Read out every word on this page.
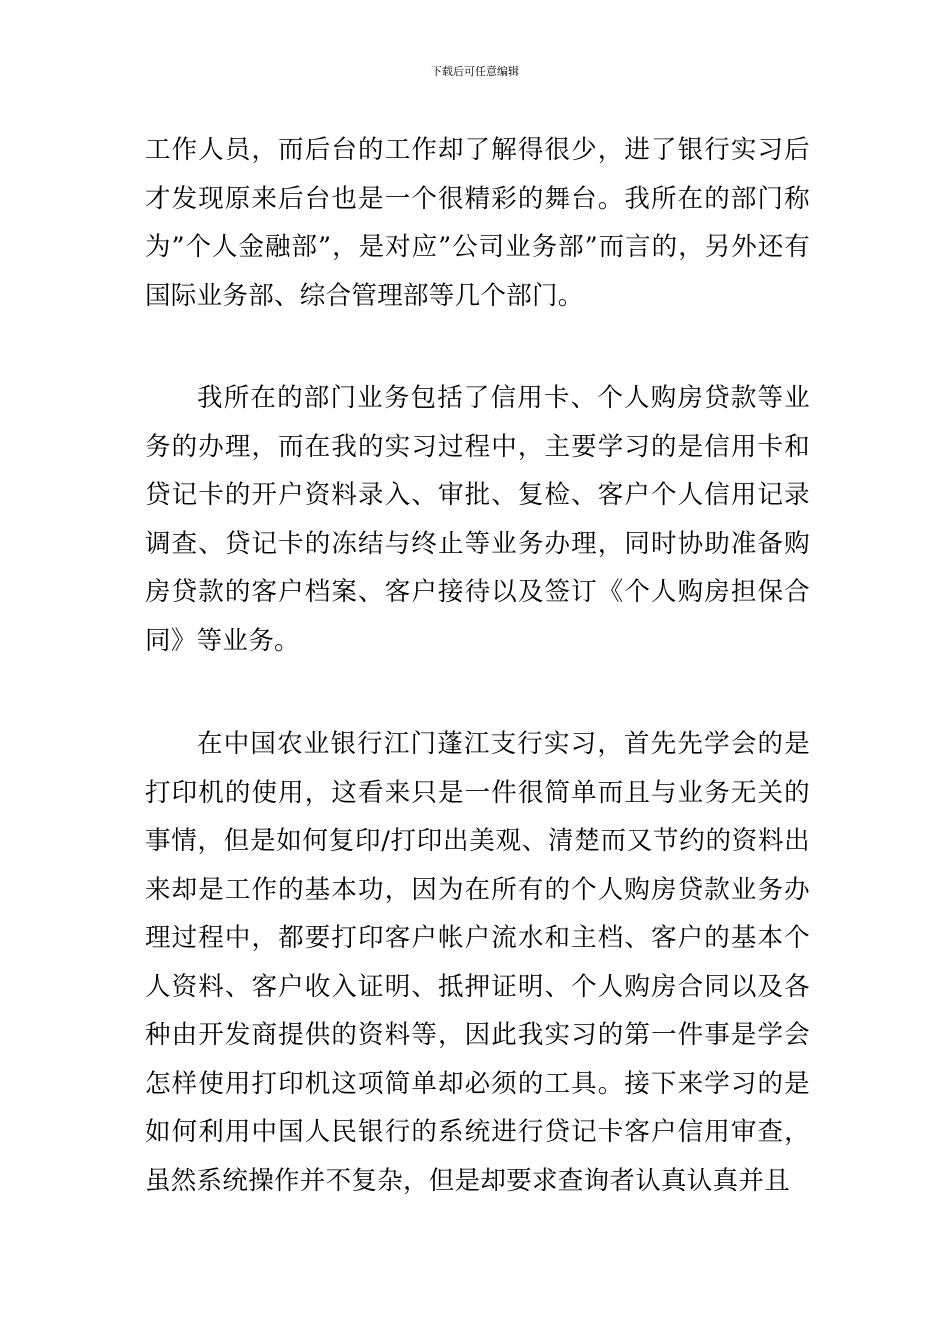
下载后可任意编辑

工作人员，而后台的工作却了解得很少，进了银行实习后才发现原来后台也是一个很精彩的舞台。我所在的部门称为”个人金融部”，是对应”公司业务部”而言的，另外还有国际业务部、综合管理部等几个部门。

我所在的部门业务包括了信用卡、个人购房贷款等业务的办理，而在我的实习过程中，主要学习的是信用卡和贷记卡的开户资料录入、审批、复检、客户个人信用记录调查、贷记卡的冻结与终止等业务办理，同时协助准备购房贷款的客户档案、客户接待以及签订《个人购房担保合同》等业务。

在中国农业银行江门蓬江支行实习，首先先学会的是打印机的使用，这看来只是一件很简单而且与业务无关的事情，但是如何复印/打印出美观、清楚而又节约的资料出来却是工作的基本功，因为在所有的个人购房贷款业务办理过程中，都要打印客户帐户流水和主档、客户的基本个人资料、客户收入证明、抵押证明、个人购房合同以及各种由开发商提供的资料等，因此我实习的第一件事是学会怎样使用打印机这项简单却必须的工具。接下来学习的是如何利用中国人民银行的系统进行贷记卡客户信用审查，虽然系统操作并不复杂，但是却要求查询者认真认真并且
